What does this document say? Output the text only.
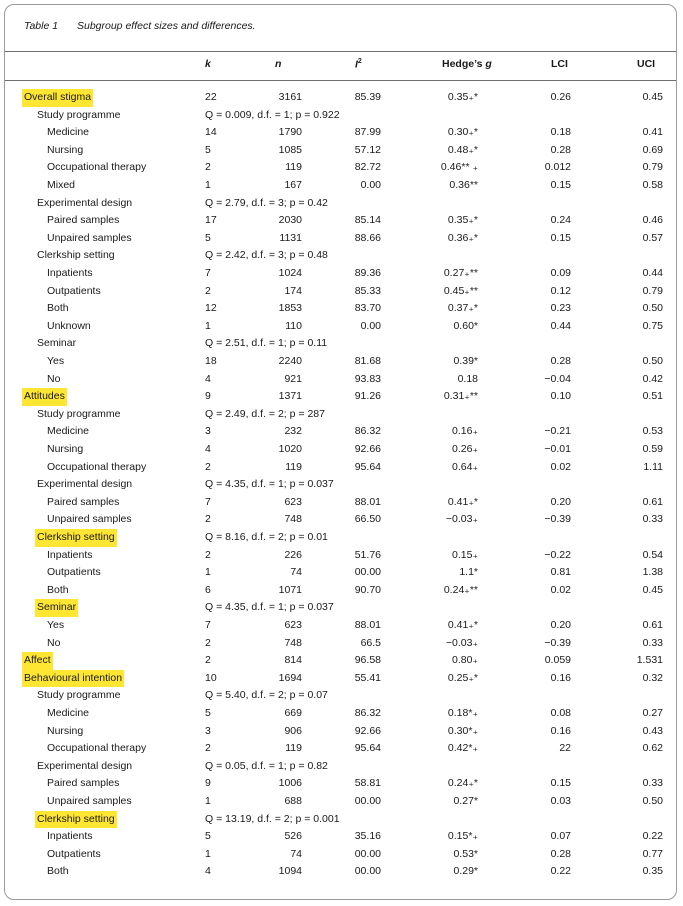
Table 1 Subgroup effect sizes and differences.
k	n	$I^2$	Hedge’s g	LCI	UCI
Overall stigma	22	3161	85.39	0.35₊*	0.26	0.45
Study programme	Q = 0.009, d.f. = 1; p = 0.922
Medicine	14	1790	87.99	0.30₊*	0.18	0.41
Nursing	5	1085	57.12	0.48₊*	0.28	0.69
Occupational therapy	2	119	82.72	0.46** ₊	0.012	0.79
Mixed	1	167	0.00	0.36**	0.15	0.58
Experimental design	Q = 2.79, d.f. = 3; p = 0.42
Paired samples	17	2030	85.14	0.35₊*	0.24	0.46
Unpaired samples	5	1131	88.66	0.36₊*	0.15	0.57
Clerkship setting	Q = 2.42, d.f. = 3; p = 0.48
Inpatients	7	1024	89.36	0.27₊**	0.09	0.44
Outpatients	2	174	85.33	0.45₊**	0.12	0.79
Both	12	1853	83.70	0.37₊*	0.23	0.50
Unknown	1	110	0.00	0.60*	0.44	0.75
Seminar	Q = 2.51, d.f. = 1; p = 0.11
Yes	18	2240	81.68	0.39*	0.28	0.50
No	4	921	93.83	0.18	−0.04	0.42
Attitudes	9	1371	91.26	0.31₊**	0.10	0.51
Study programme	Q = 2.49, d.f. = 2; p = 287
Medicine	3	232	86.32	0.16₊	−0.21	0.53
Nursing	4	1020	92.66	0.26₊	−0.01	0.59
Occupational therapy	2	119	95.64	0.64₊	0.02	1.11
Experimental design	Q = 4.35, d.f. = 1; p = 0.037
Paired samples	7	623	88.01	0.41₊*	0.20	0.61
Unpaired samples	2	748	66.50	−0.03₊	−0.39	0.33
Clerkship setting	Q = 8.16, d.f. = 2; p = 0.01
Inpatients	2	226	51.76	0.15₊	−0.22	0.54
Outpatients	1	74	00.00	1.1*	0.81	1.38
Both	6	1071	90.70	0.24₊**	0.02	0.45
Seminar	Q = 4.35, d.f. = 1; p = 0.037
Yes	7	623	88.01	0.41₊*	0.20	0.61
No	2	748	66.5	−0.03₊	−0.39	0.33
Affect	2	814	96.58	0.80₊	0.059	1.531
Behavioural intention	10	1694	55.41	0.25₊*	0.16	0.32
Study programme	Q = 5.40, d.f. = 2; p = 0.07
Medicine	5	669	86.32	0.18*₊	0.08	0.27
Nursing	3	906	92.66	0.30*₊	0.16	0.43
Occupational therapy	2	119	95.64	0.42*₊	22	0.62
Experimental design	Q = 0.05, d.f. = 1; p = 0.82
Paired samples	9	1006	58.81	0.24₊*	0.15	0.33
Unpaired samples	1	688	00.00	0.27*	0.03	0.50
Clerkship setting	Q = 13.19, d.f. = 2; p = 0.001
Inpatients	5	526	35.16	0.15*₊	0.07	0.22
Outpatients	1	74	00.00	0.53*	0.28	0.77
Both	4	1094	00.00	0.29*	0.22	0.35
